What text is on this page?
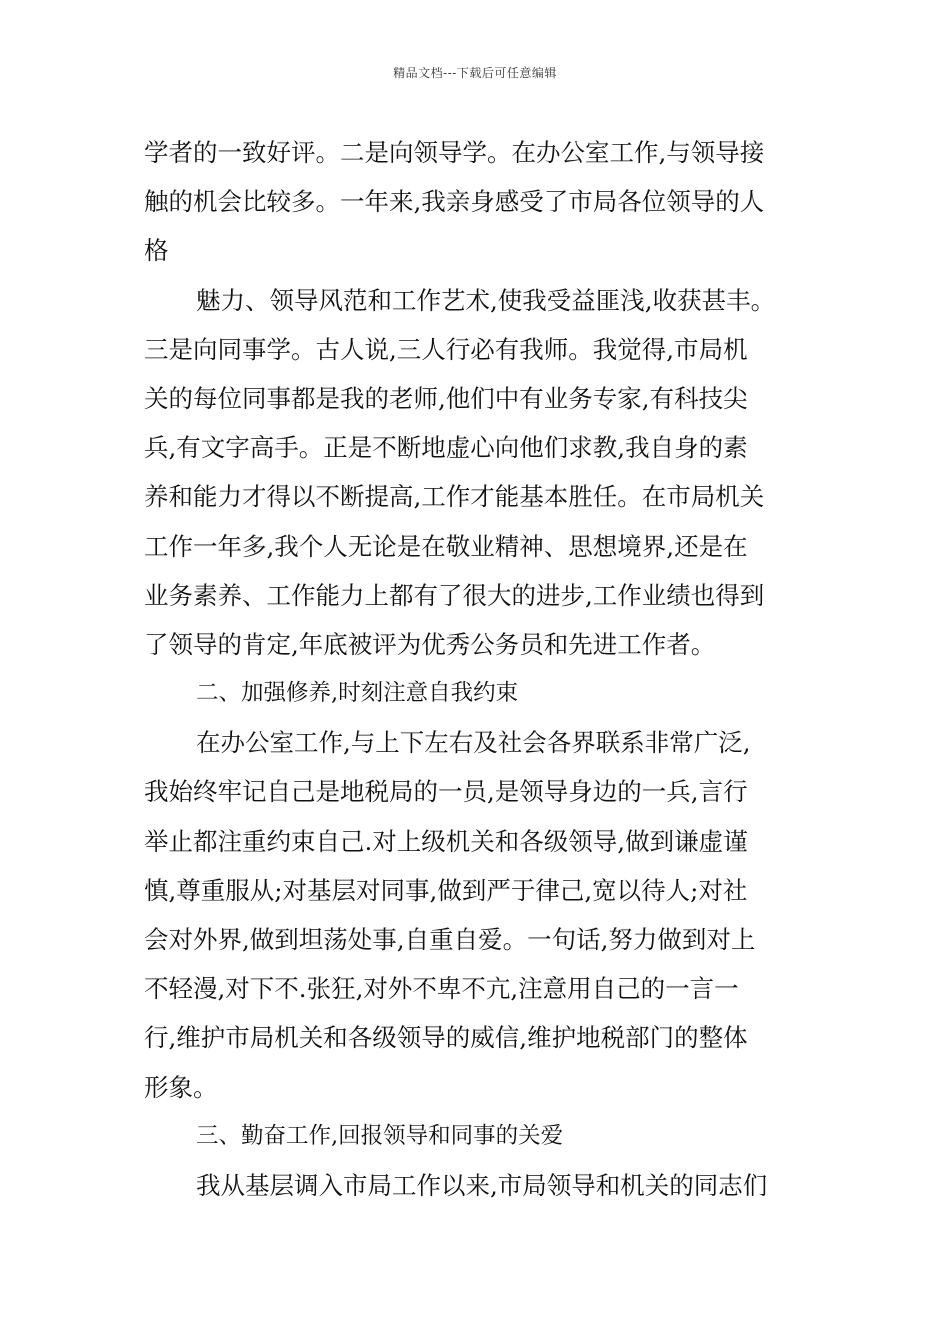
精品文档---下载后可任意编辑
学者的一致好评。二是向领导学。在办公室工作,与领导接
触的机会比较多。一年来,我亲身感受了市局各位领导的人
格
魅力、领导风范和工作艺术,使我受益匪浅,收获甚丰。
三是向同事学。古人说,三人行必有我师。我觉得,市局机
关的每位同事都是我的老师,他们中有业务专家,有科技尖
兵,有文字高手。正是不断地虚心向他们求教,我自身的素
养和能力才得以不断提高,工作才能基本胜任。在市局机关
工作一年多,我个人无论是在敬业精神、思想境界,还是在
业务素养、工作能力上都有了很大的进步,工作业绩也得到
了领导的肯定,年底被评为优秀公务员和先进工作者。
二、加强修养,时刻注意自我约束
在办公室工作,与上下左右及社会各界联系非常广泛,
我始终牢记自己是地税局的一员,是领导身边的一兵,言行
举止都注重约束自己.对上级机关和各级领导,做到谦虚谨
慎,尊重服从;对基层对同事,做到严于律己,宽以待人;对社
会对外界,做到坦荡处事,自重自爱。一句话,努力做到对上
不轻漫,对下不.张狂,对外不卑不亢,注意用自己的一言一
行,维护市局机关和各级领导的威信,维护地税部门的整体
形象。
三、勤奋工作,回报领导和同事的关爱
我从基层调入市局工作以来,市局领导和机关的同志们
